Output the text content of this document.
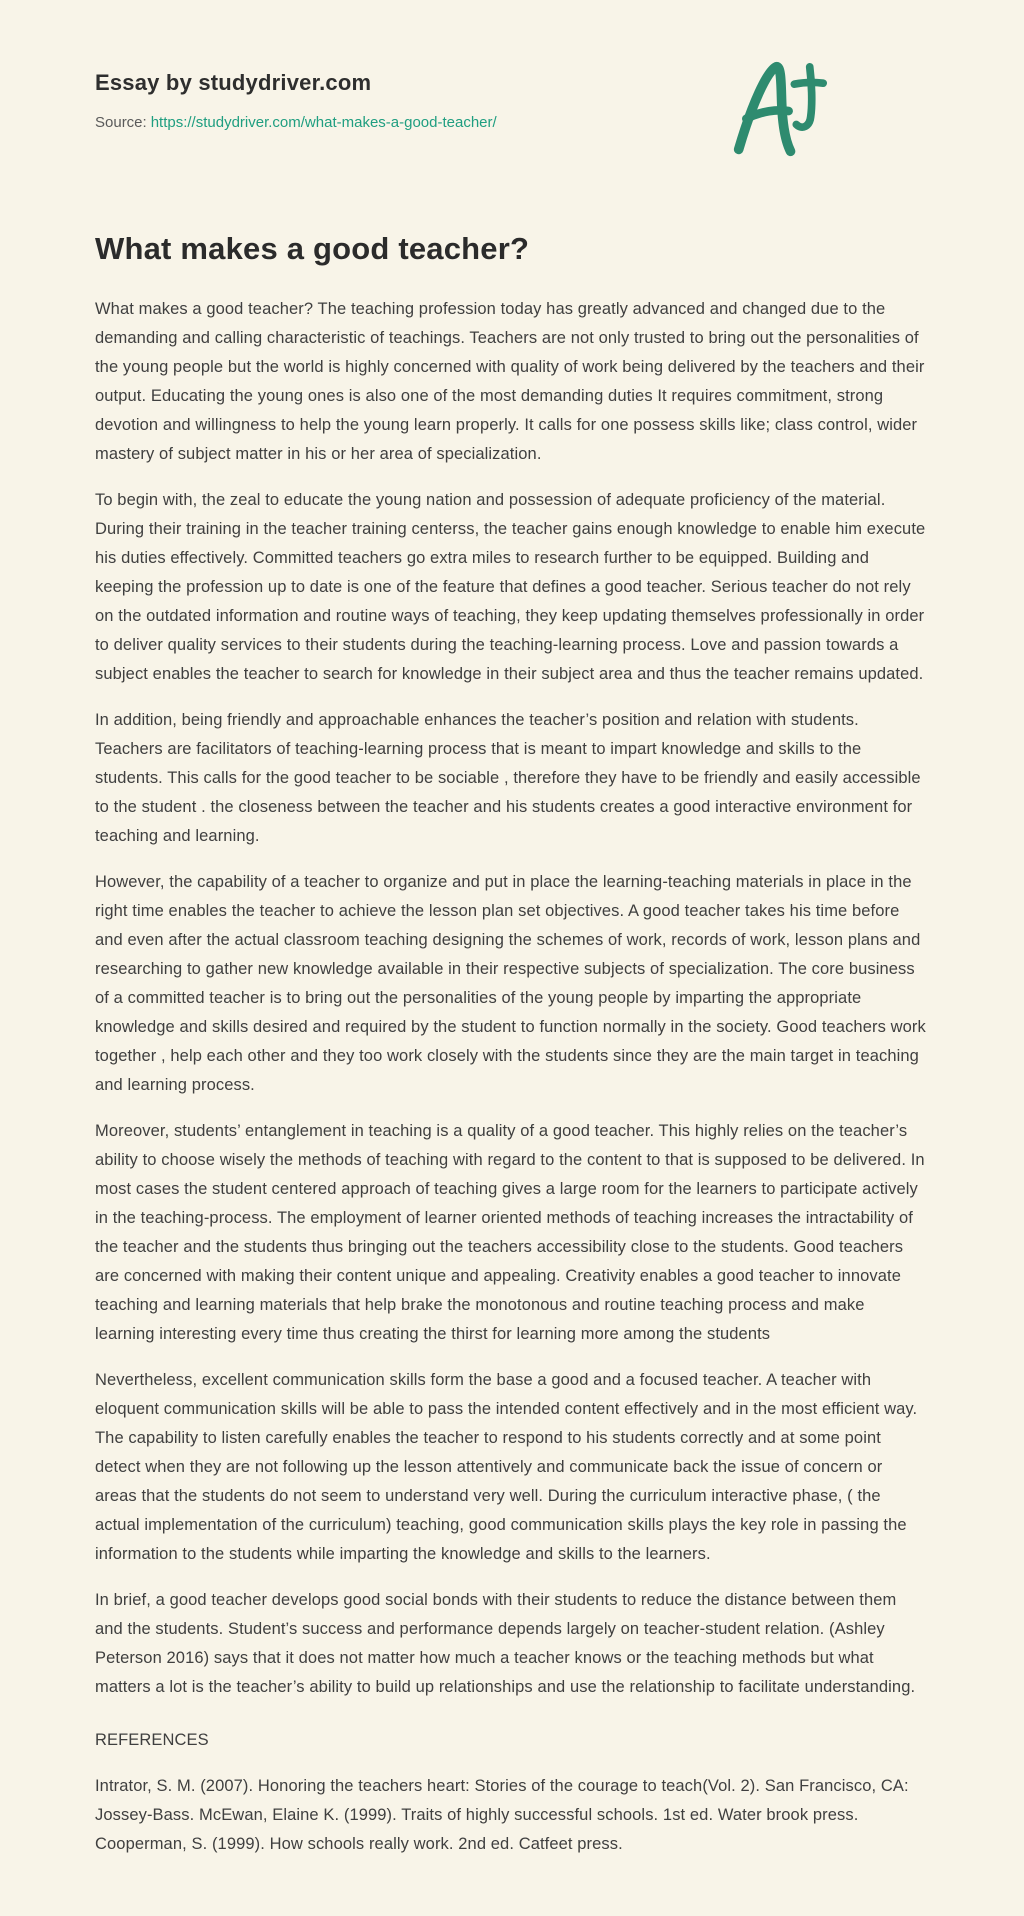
Essay by studydriver.com
Source: https://studydriver.com/what-makes-a-good-teacher/
What makes a good teacher?

What makes a good teacher? The teaching profession today has greatly advanced and changed due to the demanding and calling characteristic of teachings. Teachers are not only trusted to bring out the personalities of the young people but the world is highly concerned with quality of work being delivered by the teachers and their output. Educating the young ones is also one of the most demanding duties It requires commitment, strong devotion and willingness to help the young learn properly. It calls for one possess skills like; class control, wider mastery of subject matter in his or her area of specialization.

To begin with, the zeal to educate the young nation and possession of adequate proficiency of the material. During their training in the teacher training centerss, the teacher gains enough knowledge to enable him execute his duties effectively. Committed teachers go extra miles to research further to be equipped. Building and keeping the profession up to date is one of the feature that defines a good teacher. Serious teacher do not rely on the outdated information and routine ways of teaching, they keep updating themselves professionally in order to deliver quality services to their students during the teaching-learning process. Love and passion towards a subject enables the teacher to search for knowledge in their subject area and thus the teacher remains updated.

In addition, being friendly and approachable enhances the teacher’s position and relation with students. Teachers are facilitators of teaching-learning process that is meant to impart knowledge and skills to the students. This calls for the good teacher to be sociable , therefore they have to be friendly and easily accessible to the student . the closeness between the teacher and his students creates a good interactive environment for teaching and learning.

However, the capability of a teacher to organize and put in place the learning-teaching materials in place in the right time enables the teacher to achieve the lesson plan set objectives. A good teacher takes his time before and even after the actual classroom teaching designing the schemes of work, records of work, lesson plans and researching to gather new knowledge available in their respective subjects of specialization. The core business of a committed teacher is to bring out the personalities of the young people by imparting the appropriate knowledge and skills desired and required by the student to function normally in the society. Good teachers work together , help each other and they too work closely with the students since they are the main target in teaching and learning process.

Moreover, students’ entanglement in teaching is a quality of a good teacher. This highly relies on the teacher’s ability to choose wisely the methods of teaching with regard to the content to that is supposed to be delivered. In most cases the student centered approach of teaching gives a large room for the learners to participate actively in the teaching-process. The employment of learner oriented methods of teaching increases the intractability of the teacher and the students thus bringing out the teachers accessibility close to the students. Good teachers are concerned with making their content unique and appealing. Creativity enables a good teacher to innovate teaching and learning materials that help brake the monotonous and routine teaching process and make learning interesting every time thus creating the thirst for learning more among the students

Nevertheless, excellent communication skills form the base a good and a focused teacher. A teacher with eloquent communication skills will be able to pass the intended content effectively and in the most efficient way. The capability to listen carefully enables the teacher to respond to his students correctly and at some point detect when they are not following up the lesson attentively and communicate back the issue of concern or areas that the students do not seem to understand very well. During the curriculum interactive phase, ( the actual implementation of the curriculum) teaching, good communication skills plays the key role in passing the information to the students while imparting the knowledge and skills to the learners.

In brief, a good teacher develops good social bonds with their students to reduce the distance between them and the students. Student’s success and performance depends largely on teacher-student relation. (Ashley Peterson 2016) says that it does not matter how much a teacher knows or the teaching methods but what matters a lot is the teacher’s ability to build up relationships and use the relationship to facilitate understanding.

REFERENCES

Intrator, S. M. (2007). Honoring the teachers heart: Stories of the courage to teach(Vol. 2). San Francisco, CA: Jossey-Bass. McEwan, Elaine K. (1999). Traits of highly successful schools. 1st ed. Water brook press. Cooperman, S. (1999). How schools really work. 2nd ed. Catfeet press.
